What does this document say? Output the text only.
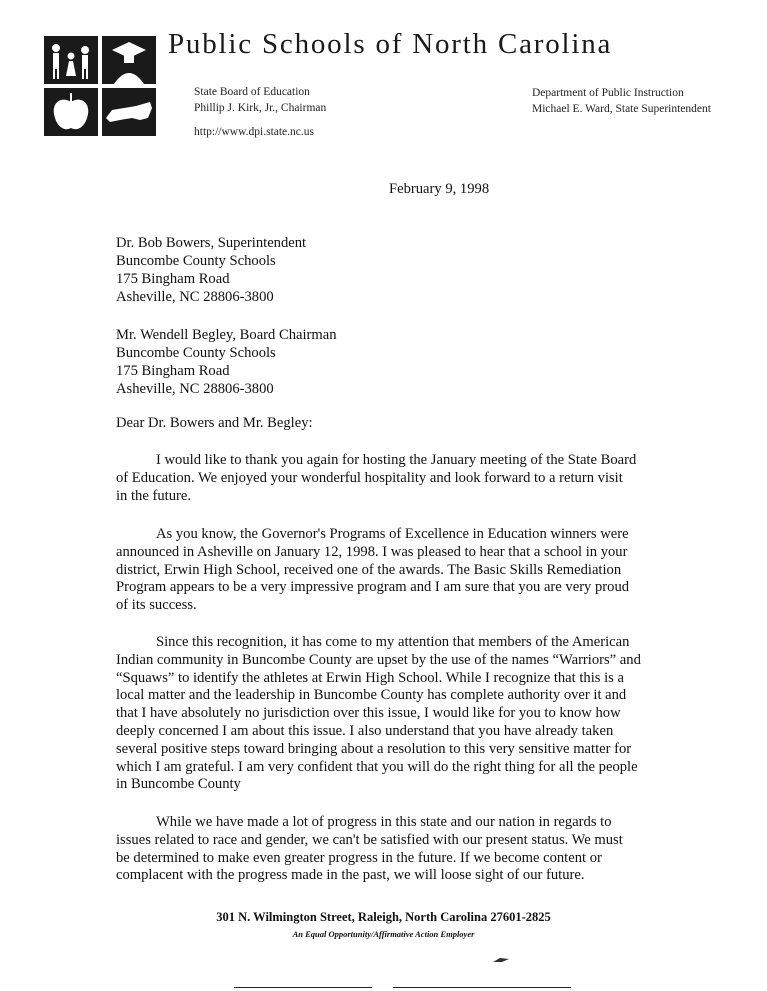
Public Schools of North Carolina
State Board of Education
Phillip J. Kirk, Jr., Chairman
Department of Public Instruction
Michael E. Ward, State Superintendent
http://www.dpi.state.nc.us
February 9, 1998
Dr. Bob Bowers, Superintendent
Buncombe County Schools
175 Bingham Road
Asheville, NC 28806-3800
Mr. Wendell Begley, Board Chairman
Buncombe County Schools
175 Bingham Road
Asheville, NC 28806-3800
Dear Dr. Bowers and Mr. Begley:
I would like to thank you again for hosting the January meeting of the State Board
of Education. We enjoyed your wonderful hospitality and look forward to a return visit
in the future.
As you know, the Governor's Programs of Excellence in Education winners were
announced in Asheville on January 12, 1998. I was pleased to hear that a school in your
district, Erwin High School, received one of the awards. The Basic Skills Remediation
Program appears to be a very impressive program and I am sure that you are very proud
of its success.
Since this recognition, it has come to my attention that members of the American
Indian community in Buncombe County are upset by the use of the names “Warriors” and
“Squaws” to identify the athletes at Erwin High School. While I recognize that this is a
local matter and the leadership in Buncombe County has complete authority over it and
that I have absolutely no jurisdiction over this issue, I would like for you to know how
deeply concerned I am about this issue. I also understand that you have already taken
several positive steps toward bringing about a resolution to this very sensitive matter for
which I am grateful. I am very confident that you will do the right thing for all the people
in Buncombe County
While we have made a lot of progress in this state and our nation in regards to
issues related to race and gender, we can't be satisfied with our present status. We must
be determined to make even greater progress in the future. If we become content or
complacent with the progress made in the past, we will loose sight of our future.
301 N. Wilmington Street, Raleigh, North Carolina 27601-2825
An Equal Opportunity/Affirmative Action Employer
